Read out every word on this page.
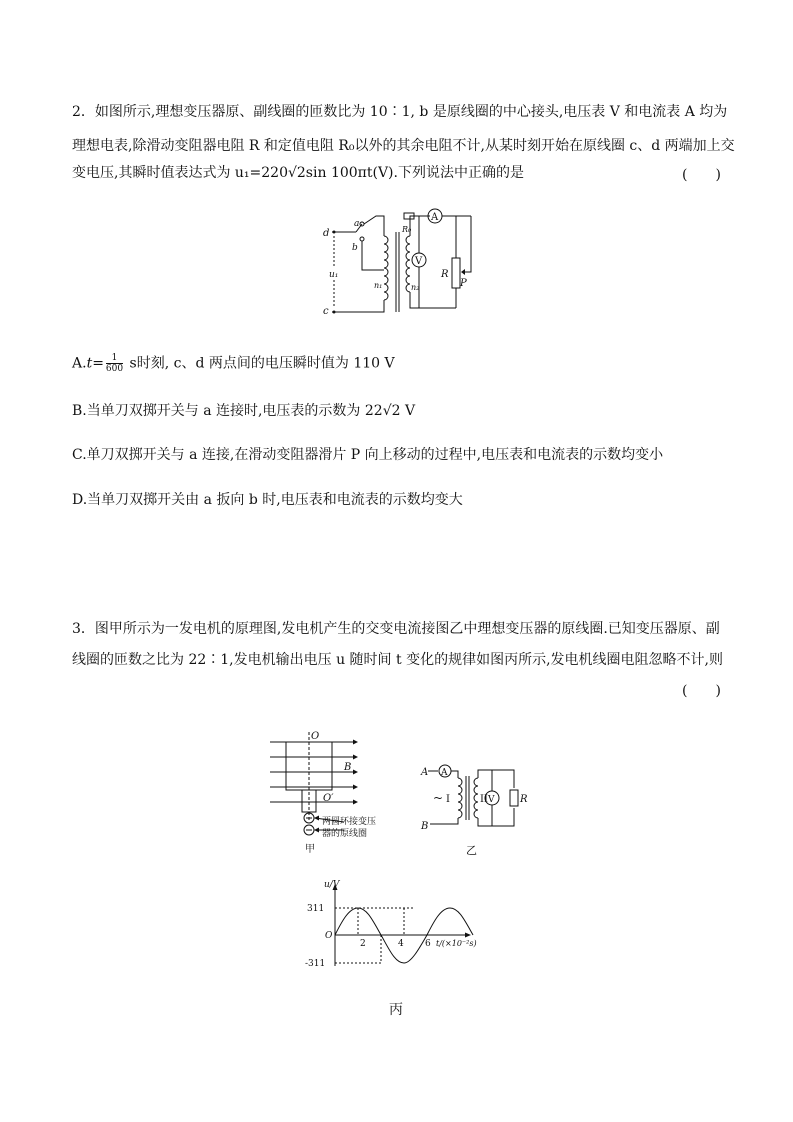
2．如图所示,理想变压器原、副线圈的匝数比为 10∶1, b 是原线圈的中心接头,电压表 V 和电流表 A 均为
理想电表,除滑动变阻器电阻 R 和定值电阻 R₀以外的其余电阻不计,从某时刻开始在原线圈 c、d 两端加上交
变电压,其瞬时值表达式为 u₁=220√2sin 100πt(V).下列说法中正确的是	(　　)
d
c
a
b
u₁
n₁	n₂
R₀
A
V
R
P
$A.t= \frac{1}{600}$ s时刻, c、d 两点间的电压瞬时值为 110 V
B.当单刀双掷开关与 a 连接时,电压表的示数为 22√2 V
C.单刀双掷开关与 a 连接,在滑动变阻器滑片 P 向上移动的过程中,电压表和电流表的示数均变小
D.当单刀双掷开关由 a 扳向 b 时,电压表和电流表的示数均变大
3．图甲所示为一发电机的原理图,发电机产生的交变电流接图乙中理想变压器的原线圈.已知变压器原、副
线圈的匝数之比为 22∶1,发电机输出电压 u 随时间 t 变化的规律如图丙所示,发电机线圈电阻忽略不计,则
(　　)
O
B
O′
两圆环接变压
器的原线圈
甲
A
B
A
V
~ I	II	R
乙
u/V
311
-311
O
2	4 6 t/(×10⁻²s)
丙
